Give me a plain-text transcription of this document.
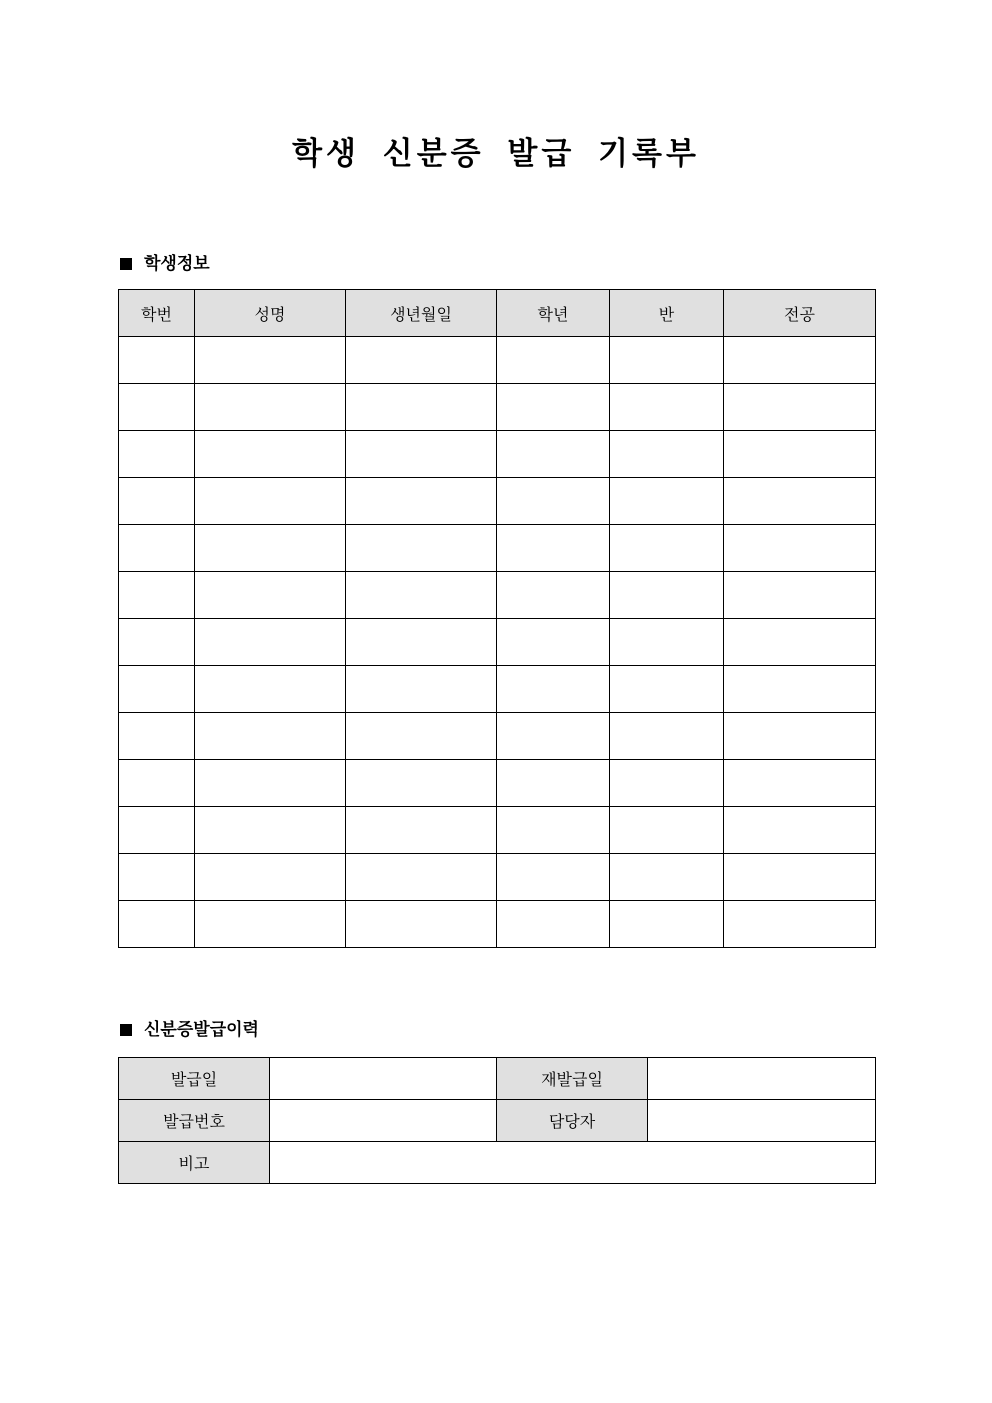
학생 신분증 발급 기록부
학생정보
학번	성명	생년월일	학년	반	전공

신분증발급이력
발급일		재발급일	
발급번호		담당자	
비고			
